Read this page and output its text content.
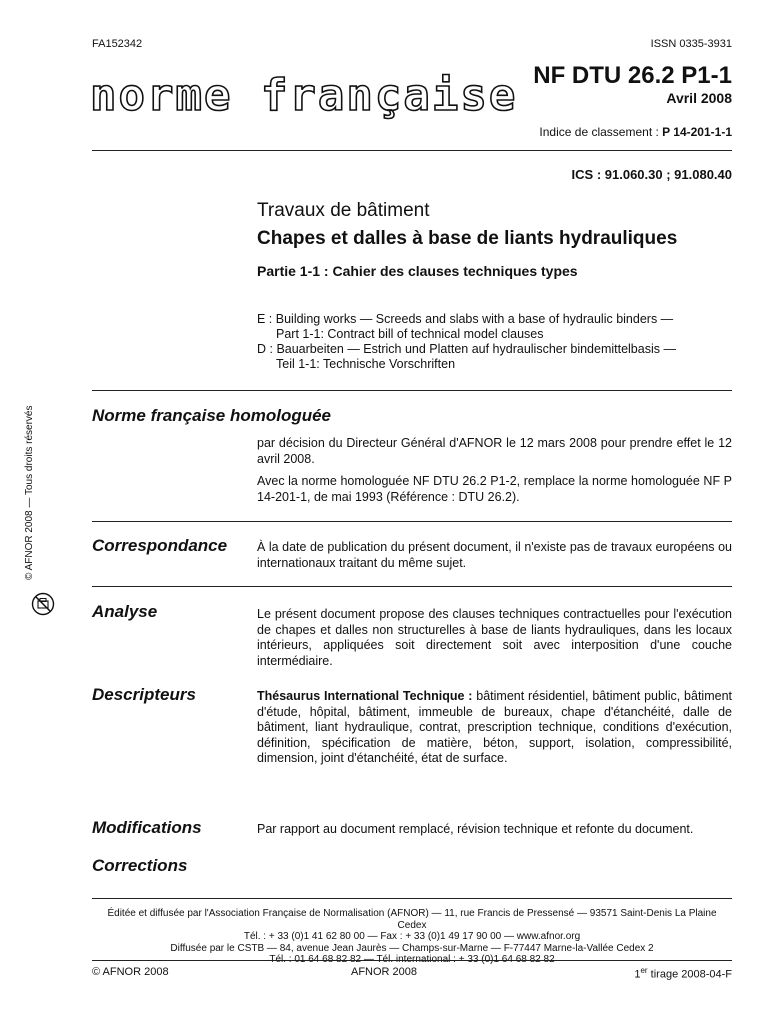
FA152342	ISSN 0335-3931
norme française NF DTU 26.2 P1-1
Avril 2008
Indice de classement : P 14-201-1-1
ICS : 91.060.30 ; 91.080.40
Travaux de bâtiment
Chapes et dalles à base de liants hydrauliques
Partie 1-1 : Cahier des clauses techniques types
E : Building works — Screeds and slabs with a base of hydraulic binders —
Part 1-1: Contract bill of technical model clauses
D : Bauarbeiten — Estrich und Platten auf hydraulischer bindemittelbasis —
Teil 1-1: Technische Vorschriften
Norme française homologuée

par décision du Directeur Général d'AFNOR le 12 mars 2008 pour prendre effet le 12 avril 2008.

Avec la norme homologuée NF DTU 26.2 P1-2, remplace la norme homologuée NF P 14-201-1, de mai 1993 (Référence : DTU 26.2).

Correspondance À la date de publication du présent document, il n'existe pas de travaux européens ou internationaux traitant du même sujet.
Analyse	Le présent document propose des clauses techniques contractuelles pour l'exécution de chapes et dalles non structurelles à base de liants hydrauliques, dans les locaux intérieurs, appliquées soit directement soit avec interposition d'une couche intermédiaire.
Descripteurs	Thésaurus International Technique : bâtiment résidentiel, bâtiment public, bâtiment d'étude, hôpital, bâtiment, immeuble de bureaux, chape d'étanchéité, dalle de bâtiment, liant hydraulique, contrat, prescription technique, conditions d'exécution, définition, spécification de matière, béton, support, isolation, compressibilité, dimension, joint d'étanchéité, état de surface.
Modifications	Par rapport au document remplacé, révision technique et refonte du document.
Corrections
© AFNOR 2008 — Tous droits réservés
Éditée et diffusée par l'Association Française de Normalisation (AFNOR) — 11, rue Francis de Pressensé — 93571 Saint-Denis La Plaine Cedex
Tél. : + 33 (0)1 41 62 80 00 — Fax : + 33 (0)1 49 17 90 00 — www.afnor.org
Diffusée par le CSTB — 84, avenue Jean Jaurès — Champs-sur-Marne — F-77447 Marne-la-Vallée Cedex 2
Tél. : 01 64 68 82 82 — Tél. international : + 33 (0)1 64 68 82 82
AFNOR 2008
© AFNOR 2008	1er tirage 2008-04-F
